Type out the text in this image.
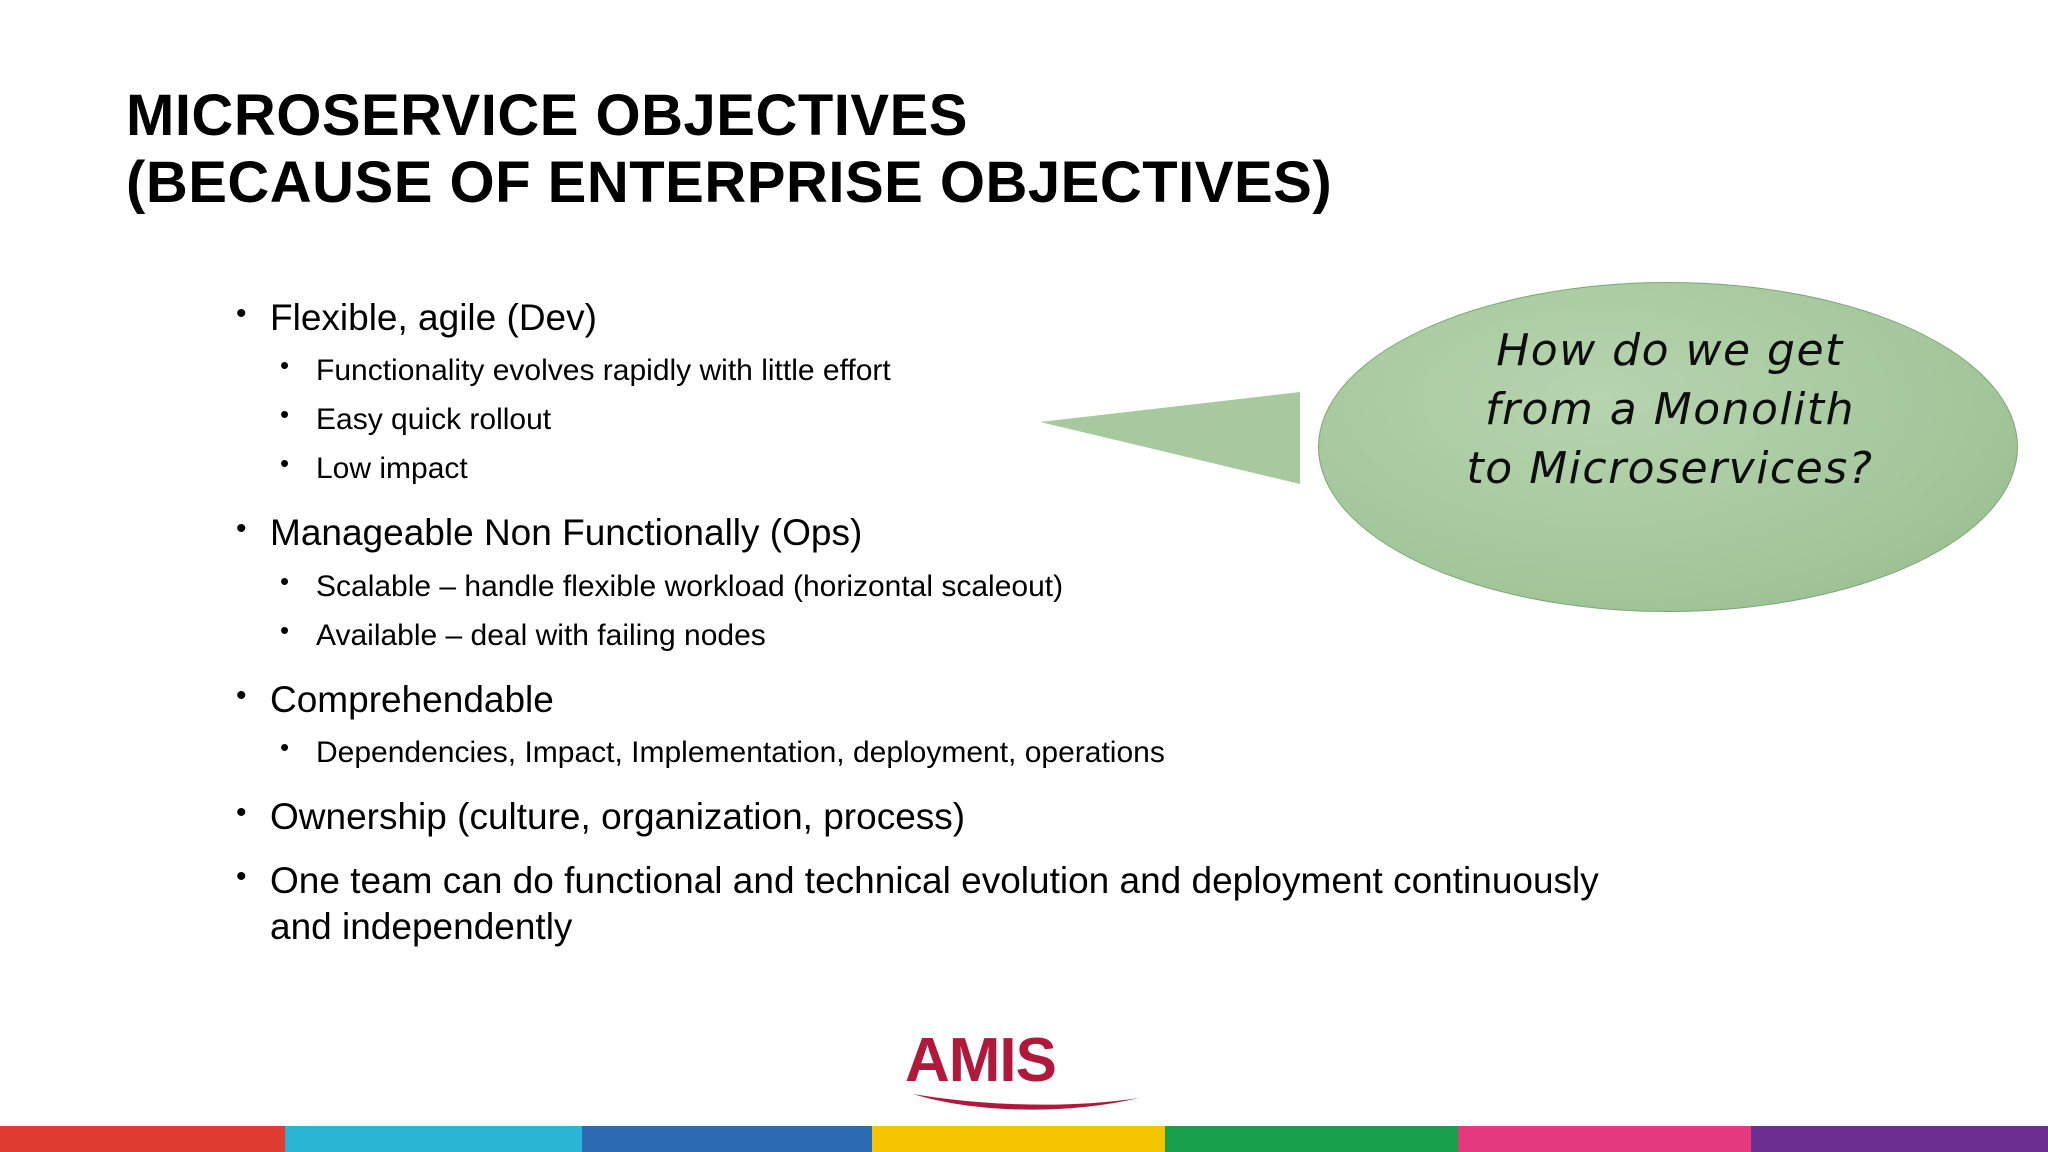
MICROSERVICE OBJECTIVES
(BECAUSE OF ENTERPRISE OBJECTIVES)
• Flexible, agile (Dev)
• Functionality evolves rapidly with little effort
• Easy quick rollout
• Low impact
• Manageable Non Functionally (Ops)
• Scalable – handle flexible workload (horizontal scaleout)
• Available – deal with failing nodes
• Comprehendable
• Dependencies, Impact, Implementation, deployment, operations
• Ownership (culture, organization, process)
• One team can do functional and technical evolution and deployment continuously
and independently
How do we get
from a Monolith
to Microservices?
AMIS
